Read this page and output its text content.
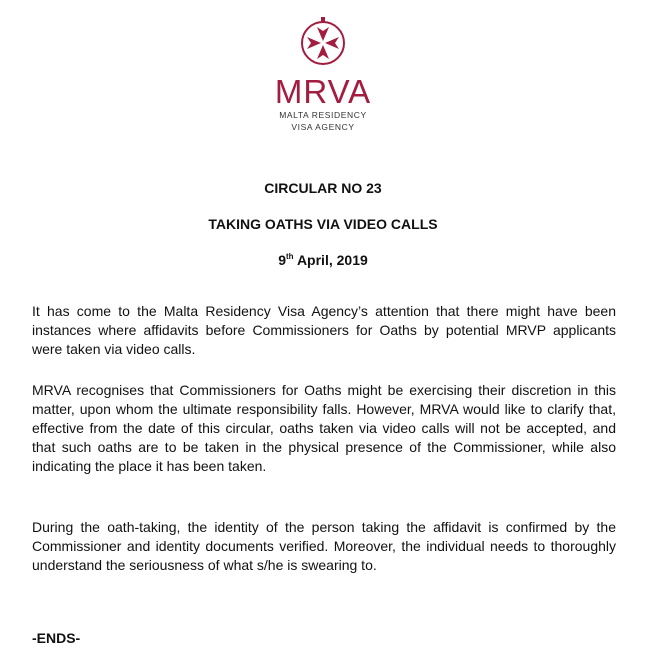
MRVA
MALTA RESIDENCY
VISA AGENCY

CIRCULAR NO 23

TAKING OATHS VIA VIDEO CALLS

9th April, 2019

It has come to the Malta Residency Visa Agency’s attention that there might have been instances where affidavits before Commissioners for Oaths by potential MRVP applicants were taken via video calls.

MRVA recognises that Commissioners for Oaths might be exercising their discretion in this matter, upon whom the ultimate responsibility falls. However, MRVA would like to clarify that, effective from the date of this circular, oaths taken via video calls will not be accepted, and that such oaths are to be taken in the physical presence of the Commissioner, while also indicating the place it has been taken.

During the oath-taking, the identity of the person taking the affidavit is confirmed by the Commissioner and identity documents verified. Moreover, the individual needs to thoroughly understand the seriousness of what s/he is swearing to.

-ENDS-
